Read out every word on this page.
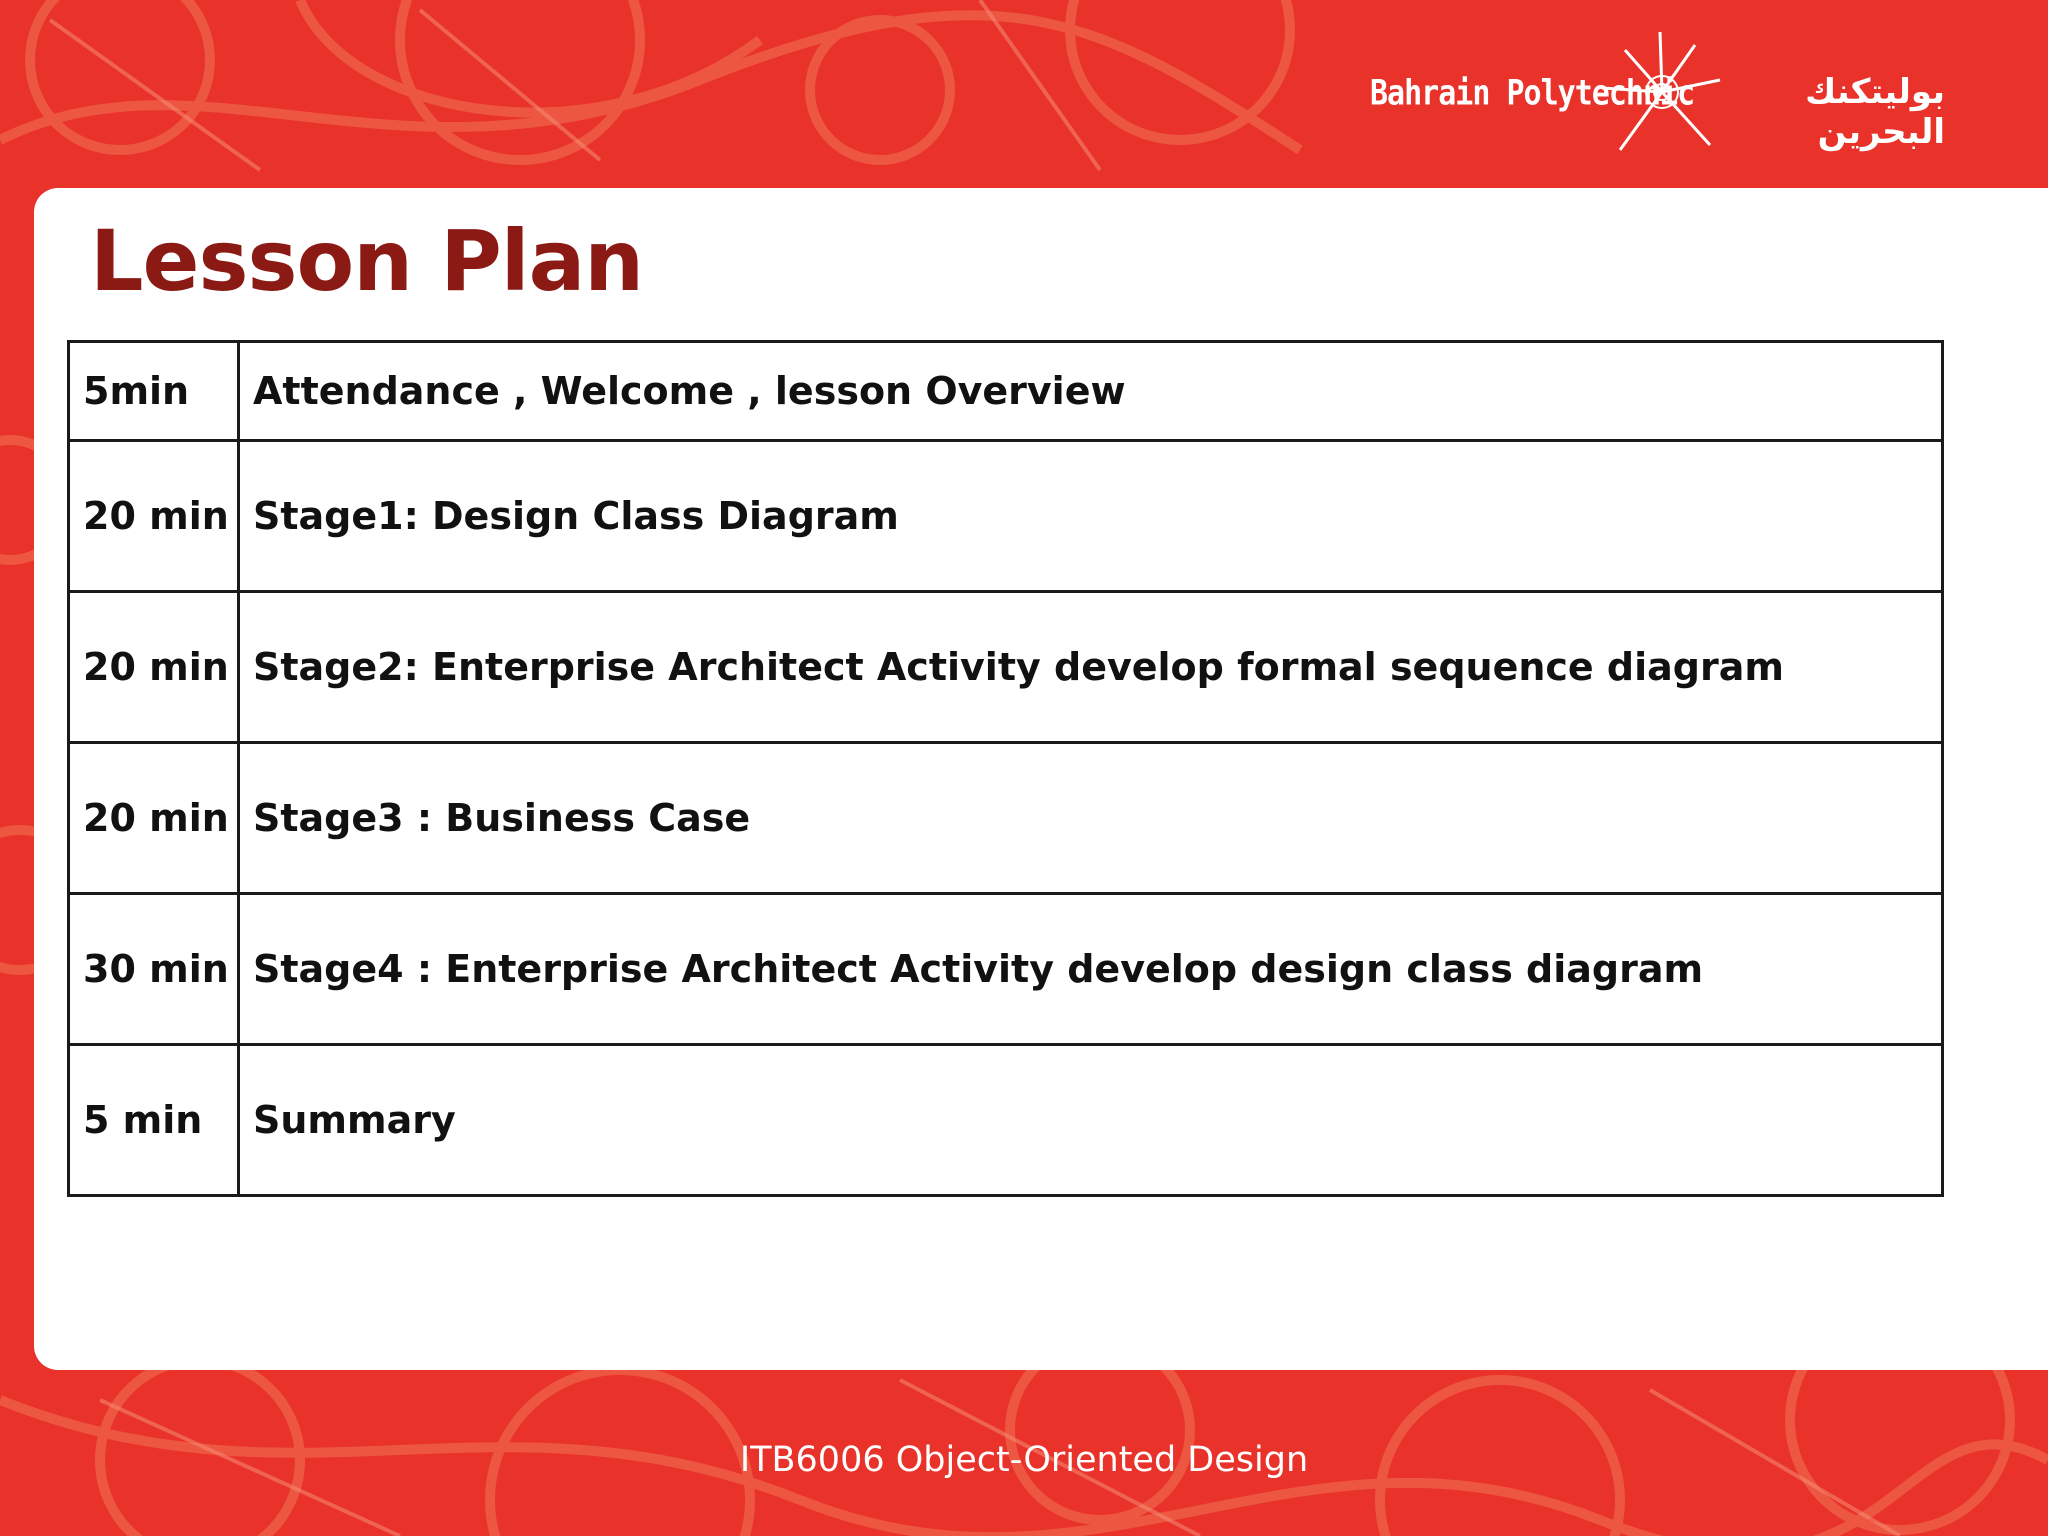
Bahrain Polytechnic	بوليتكنك البحرين
Lesson Plan
5min	Attendance , Welcome , lesson Overview
20 min	Stage1: Design Class Diagram
20 min	Stage2: Enterprise Architect Activity develop formal sequence diagram
20 min	Stage3 : Business Case
30 min	Stage4 : Enterprise Architect Activity develop design class diagram
5 min	Summary
ITB6006 Object-Oriented Design
